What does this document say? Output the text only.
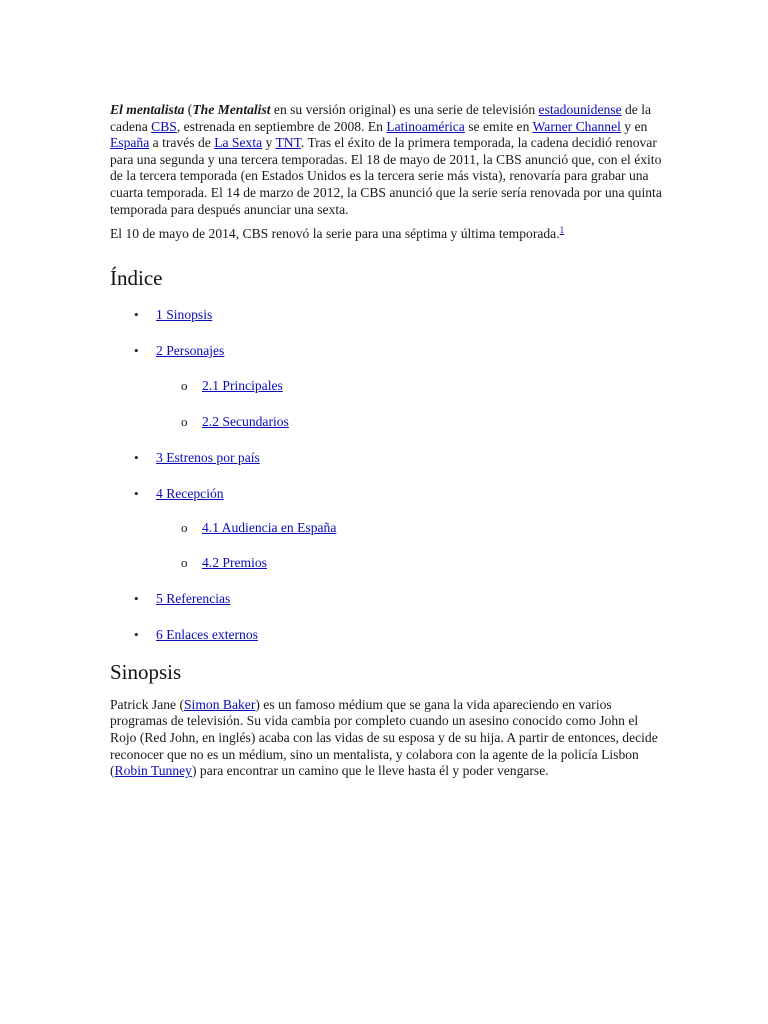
El mentalista (The Mentalist en su versión original) es una serie de televisión estadounidense de la cadena CBS, estrenada en septiembre de 2008. En Latinoamérica se emite en Warner Channel y en España a través de La Sexta y TNT. Tras el éxito de la primera temporada, la cadena decidió renovar para una segunda y una tercera temporadas. El 18 de mayo de 2011, la CBS anunció que, con el éxito de la tercera temporada (en Estados Unidos es la tercera serie más vista), renovaría para grabar una cuarta temporada. El 14 de marzo de 2012, la CBS anunció que la serie sería renovada por una quinta temporada para después anunciar una sexta.

El 10 de mayo de 2014, CBS renovó la serie para una séptima y última temporada.$^1$

Índice
• 1 Sinopsis
• 2 Personajes
o 2.1 Principales
o 2.2 Secundarios
• 3 Estrenos por país
• 4 Recepción
o 4.1 Audiencia en España
o 4.2 Premios
• 5 Referencias
• 6 Enlaces externos
Sinopsis

Patrick Jane (Simon Baker) es un famoso médium que se gana la vida apareciendo en varios programas de televisión. Su vida cambia por completo cuando un asesino conocido como John el Rojo (Red John, en inglés) acaba con las vidas de su esposa y de su hija. A partir de entonces, decide reconocer que no es un médium, sino un mentalista, y colabora con la agente de la policía Lisbon (Robin Tunney) para encontrar un camino que le lleve hasta él y poder vengarse.
